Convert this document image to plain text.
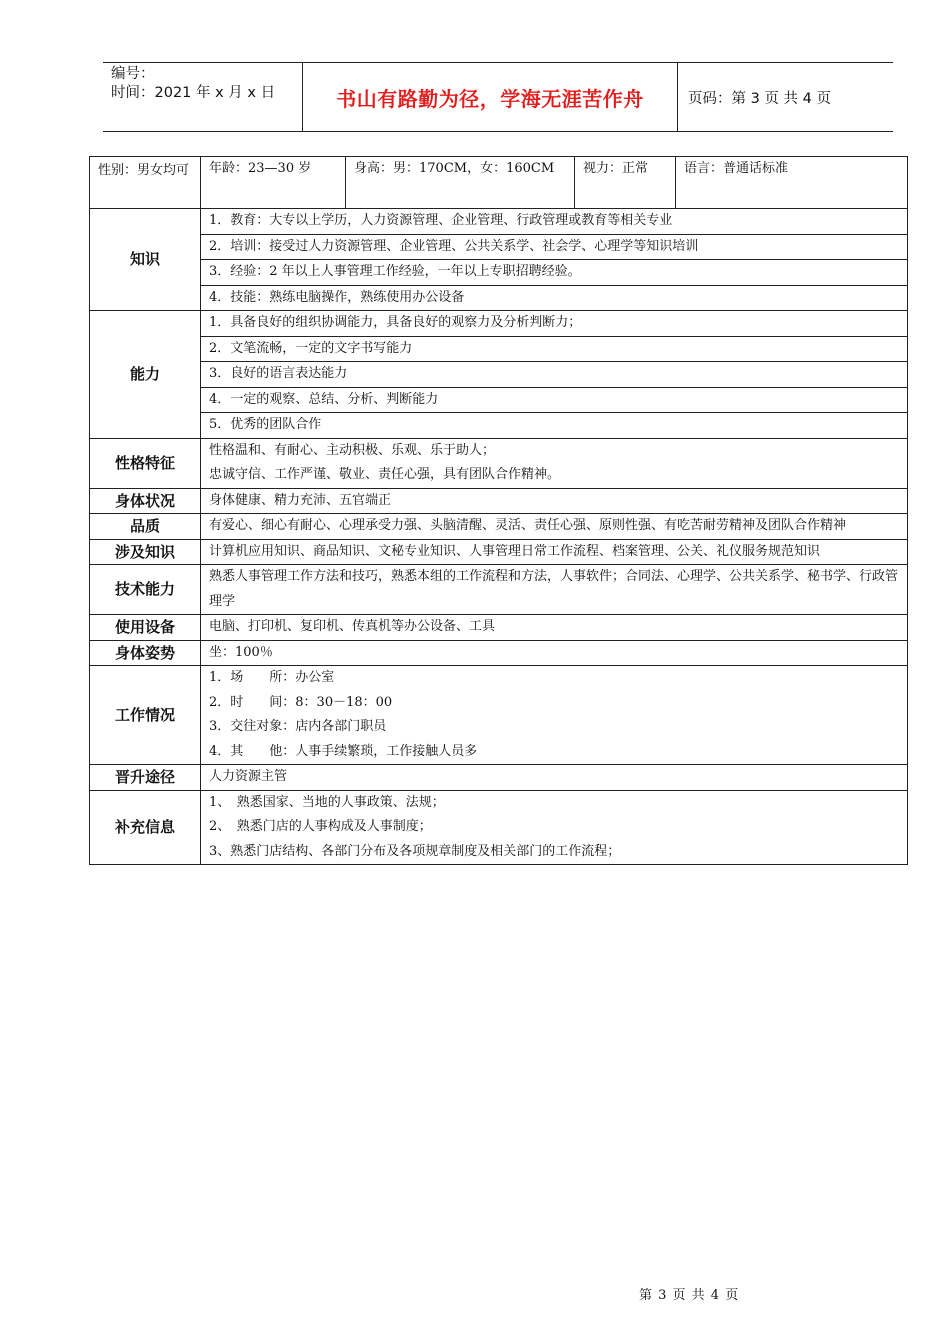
编号：
时间：2021 年 x 月 x 日	书山有路勤为径，学海无涯苦作舟	页码：第 3 页 共 4 页
性别：男女均可	年龄：23—30 岁	身高：男：170CM，女：160CM	视力：正常	语言：普通话标准
知识	1．教育：大专以上学历，人力资源管理、企业管理、行政管理或教育等相关专业			
	2．培训：接受过人力资源管理、企业管理、公共关系学、社会学、心理学等知识培训			
	3．经验：2 年以上人事管理工作经验，一年以上专职招聘经验。			
	4．技能：熟练电脑操作，熟练使用办公设备			
能力	1．具备良好的组织协调能力，具备良好的观察力及分析判断力；			
	2．文笔流畅，一定的文字书写能力			
	3．良好的语言表达能力			
	4．一定的观察、总结、分析、判断能力			
	5．优秀的团队合作			
性格特征	性格温和、有耐心、主动积极、乐观、乐于助人；
忠诚守信、工作严谨、敬业、责任心强，具有团队合作精神。			

身体状况	身体健康、精力充沛、五官端正			
品质	有爱心、细心有耐心、心理承受力强、头脑清醒、灵活、责任心强、原则性强、有吃苦耐劳精神及团队合作精神			
涉及知识	计算机应用知识、商品知识、文秘专业知识、人事管理日常工作流程、档案管理、公关、礼仪服务规范知识			
技术能力	熟悉人事管理工作方法和技巧，熟悉本组的工作流程和方法，人事软件；合同法、心理学、公共关系学、秘书学、行政管理学			
使用设备	电脑、打印机、复印机、传真机等办公设备、工具			
身体姿势	坐：100％			
工作情况	1．场　　所：办公室			
	2．时　　间：8：30－18：00			
	3．交往对象：店内各部门职员			
	4．其　　他：人事手续繁琐，工作接触人员多			
晋升途径	人力资源主管			
补充信息	1、　熟悉国家、当地的人事政策、法规；			
	2、　熟悉门店的人事构成及人事制度；			
	3、熟悉门店结构、各部门分布及各项规章制度及相关部门的工作流程；			
第 3 页 共 4 页
